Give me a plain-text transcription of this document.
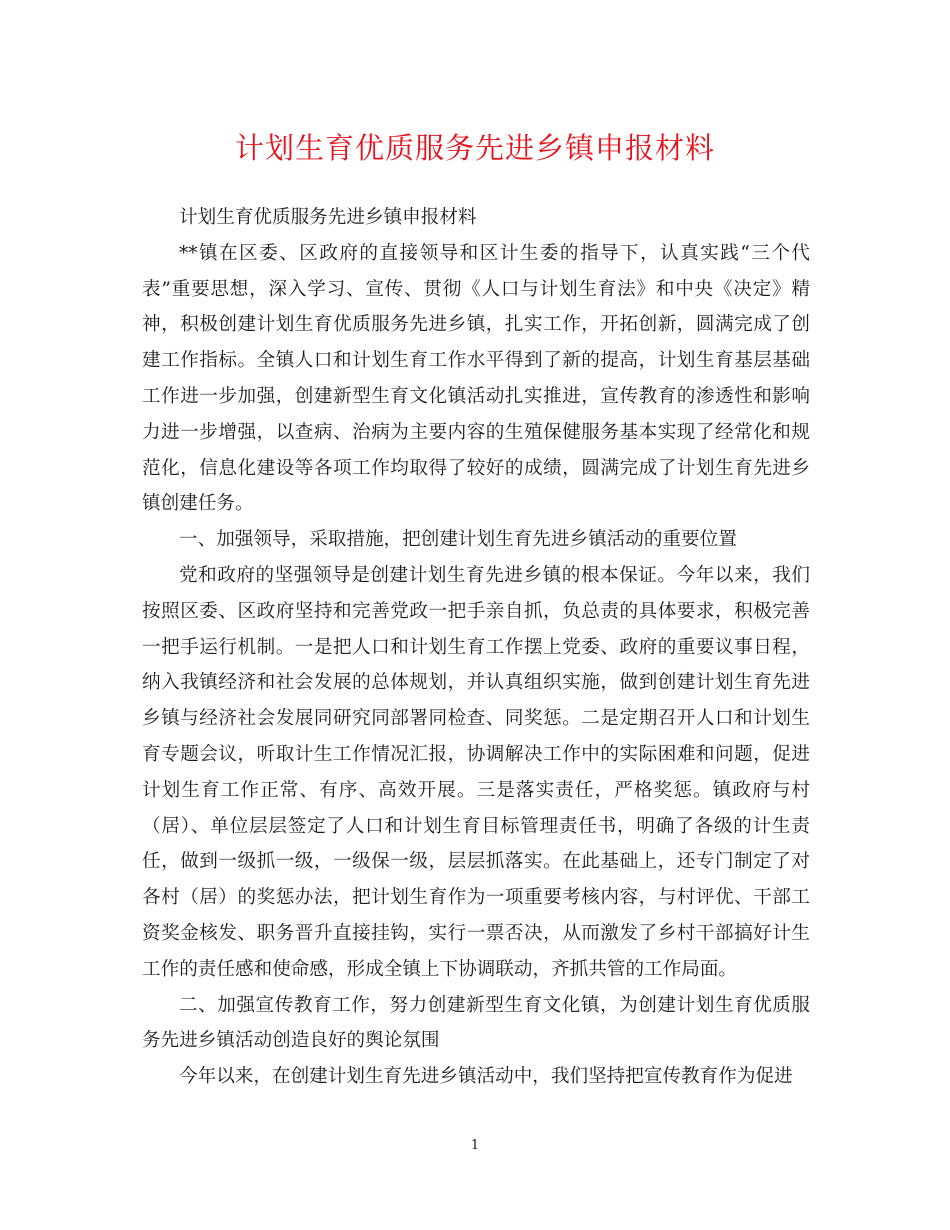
计划生育优质服务先进乡镇申报材料

计划生育优质服务先进乡镇申报材料

**镇在区委、区政府的直接领导和区计生委的指导下，认真实践“三个代表”重要思想，深入学习、宣传、贯彻《人口与计划生育法》和中央《决定》精神，积极创建计划生育优质服务先进乡镇，扎实工作，开拓创新，圆满完成了创建工作指标。全镇人口和计划生育工作水平得到了新的提高，计划生育基层基础工作进一步加强，创建新型生育文化镇活动扎实推进，宣传教育的渗透性和影响力进一步增强，以查病、治病为主要内容的生殖保健服务基本实现了经常化和规范化，信息化建设等各项工作均取得了较好的成绩，圆满完成了计划生育先进乡镇创建任务。

一、加强领导，采取措施，把创建计划生育先进乡镇活动的重要位置

党和政府的坚强领导是创建计划生育先进乡镇的根本保证。今年以来，我们按照区委、区政府坚持和完善党政一把手亲自抓，负总责的具体要求，积极完善一把手运行机制。一是把人口和计划生育工作摆上党委、政府的重要议事日程，纳入我镇经济和社会发展的总体规划，并认真组织实施，做到创建计划生育先进乡镇与经济社会发展同研究同部署同检查、同奖惩。二是定期召开人口和计划生育专题会议，听取计生工作情况汇报，协调解决工作中的实际困难和问题，促进计划生育工作正常、有序、高效开展。三是落实责任，严格奖惩。镇政府与村（居）、单位层层签定了人口和计划生育目标管理责任书，明确了各级的计生责任，做到一级抓一级，一级保一级，层层抓落实。在此基础上，还专门制定了对各村（居）的奖惩办法，把计划生育作为一项重要考核内容，与村评优、干部工资奖金核发、职务晋升直接挂钩，实行一票否决，从而激发了乡村干部搞好计生工作的责任感和使命感，形成全镇上下协调联动，齐抓共管的工作局面。

二、加强宣传教育工作，努力创建新型生育文化镇，为创建计划生育优质服务先进乡镇活动创造良好的舆论氛围

今年以来，在创建计划生育先进乡镇活动中，我们坚持把宣传教育作为促进

1
